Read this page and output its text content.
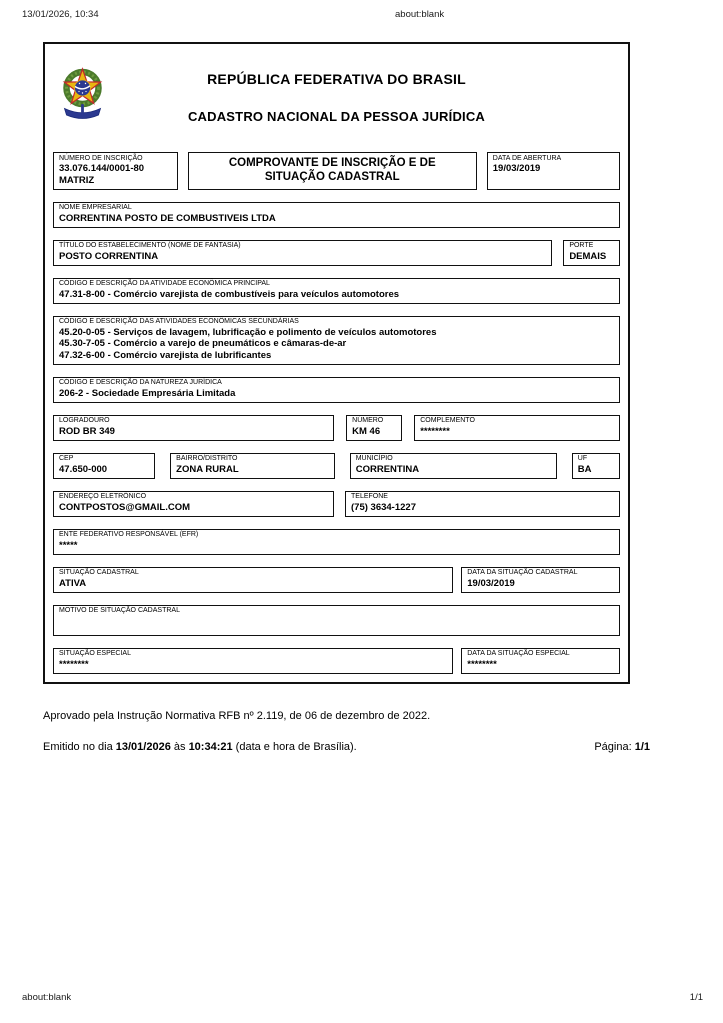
13/01/2026, 10:34	about:blank
REPÚBLICA FEDERATIVA DO BRASIL
CADASTRO NACIONAL DA PESSOA JURÍDICA
NÚMERO DE INSCRIÇÃO
33.076.144/0001-80
MATRIZ
COMPROVANTE DE INSCRIÇÃO E DE SITUAÇÃO CADASTRAL
DATA DE ABERTURA
19/03/2019
NOME EMPRESARIAL
CORRENTINA POSTO DE COMBUSTIVEIS LTDA
TÍTULO DO ESTABELECIMENTO (NOME DE FANTASIA)
POSTO CORRENTINA
PORTE
DEMAIS
CÓDIGO E DESCRIÇÃO DA ATIVIDADE ECONÔMICA PRINCIPAL
47.31-8-00 - Comércio varejista de combustíveis para veículos automotores
CÓDIGO E DESCRIÇÃO DAS ATIVIDADES ECONÔMICAS SECUNDÁRIAS
45.20-0-05 - Serviços de lavagem, lubrificação e polimento de veículos automotores
45.30-7-05 - Comércio a varejo de pneumáticos e câmaras-de-ar
47.32-6-00 - Comércio varejista de lubrificantes
CÓDIGO E DESCRIÇÃO DA NATUREZA JURÍDICA
206-2 - Sociedade Empresária Limitada
LOGRADOURO
ROD BR 349
NÚMERO
KM 46
COMPLEMENTO
********
CEP
47.650-000
BAIRRO/DISTRITO
ZONA RURAL
MUNICÍPIO
CORRENTINA
UF
BA
ENDEREÇO ELETRÔNICO
CONTPOSTOS@GMAIL.COM
TELEFONE
(75) 3634-1227
ENTE FEDERATIVO RESPONSÁVEL (EFR)
*****
SITUAÇÃO CADASTRAL
ATIVA
DATA DA SITUAÇÃO CADASTRAL
19/03/2019
MOTIVO DE SITUAÇÃO CADASTRAL
SITUAÇÃO ESPECIAL
********
DATA DA SITUAÇÃO ESPECIAL
********
Aprovado pela Instrução Normativa RFB nº 2.119, de 06 de dezembro de 2022.
Emitido no dia 13/01/2026 às 10:34:21 (data e hora de Brasília).	Página: 1/1
about:blank	1/1
